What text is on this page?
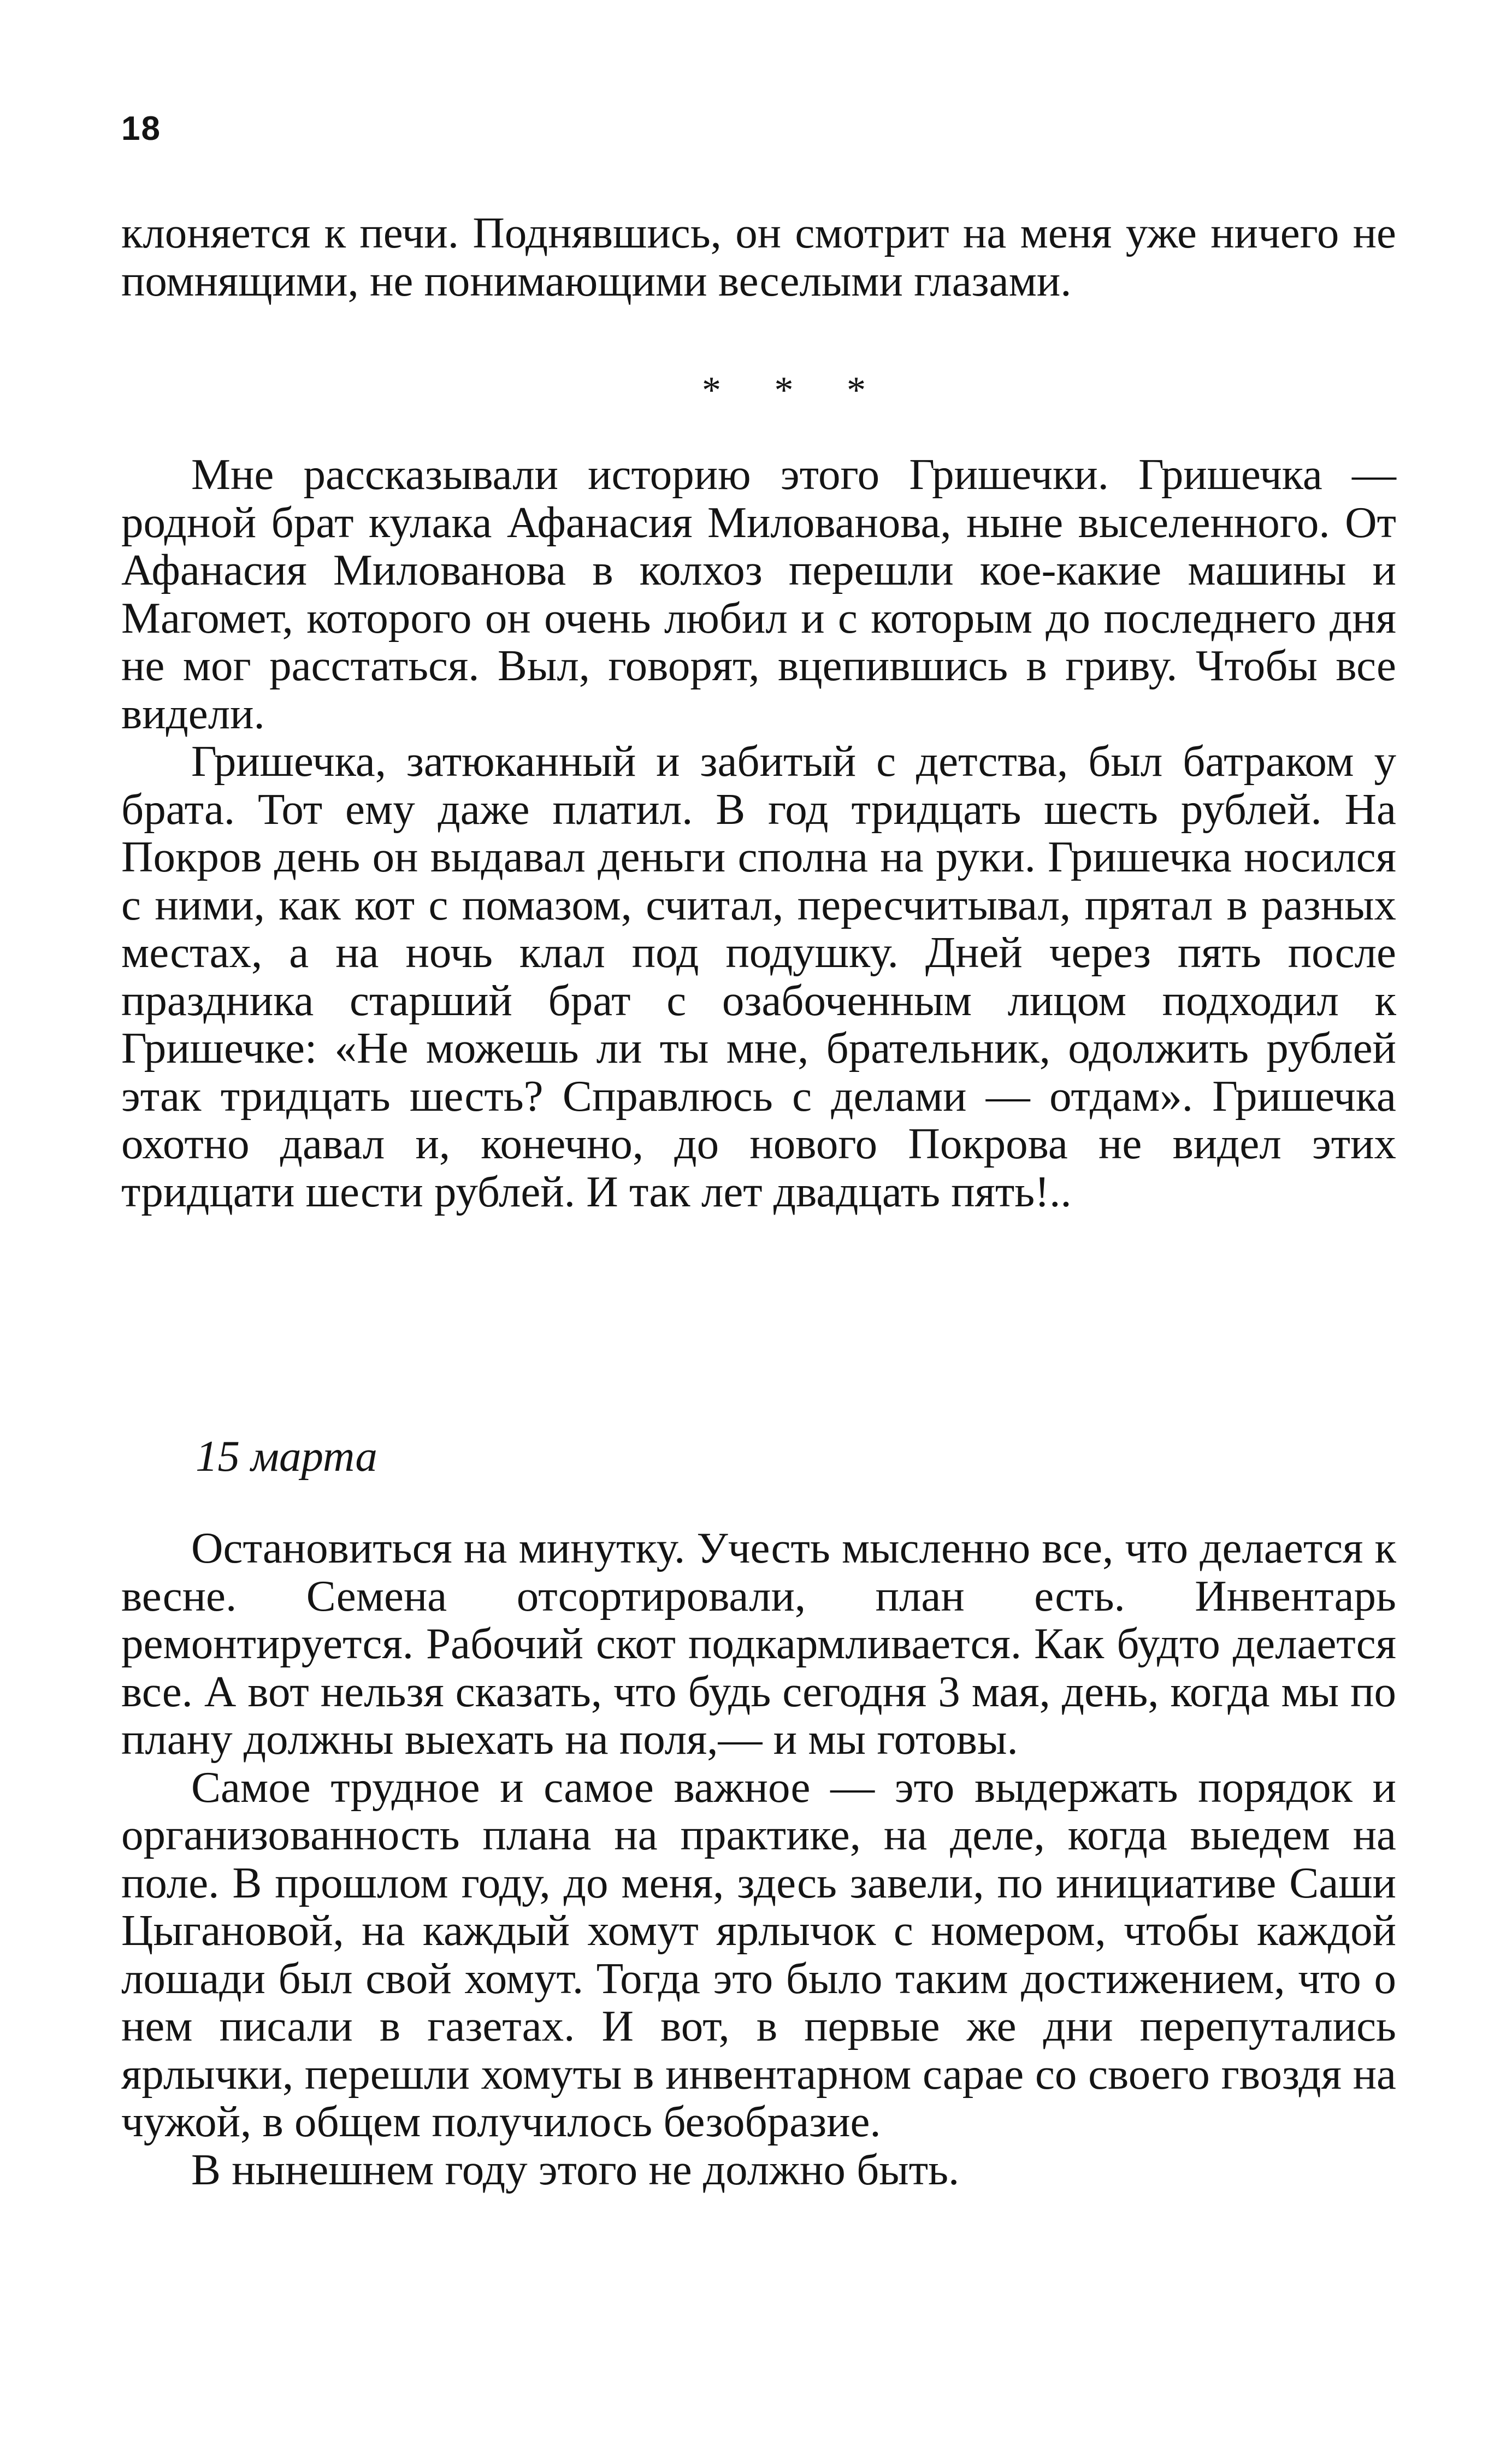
18

клоняется к печи. Поднявшись, он смотрит на меня уже ничего не помнящими, не понимающими веселыми глазами.

* * *

Мне рассказывали историю этого Гришечки. Гришечка — родной брат кулака Афанасия Милованова, ныне выселенного. От Афанасия Милованова в колхоз перешли кое-какие машины и Магомет, которого он очень любил и с которым до последнего дня не мог расстаться. Выл, говорят, вцепившись в гриву. Чтобы все видели.

Гришечка, затюканный и забитый с детства, был батраком у брата. Тот ему даже платил. В год тридцать шесть рублей. На Покров день он выдавал деньги сполна на руки. Гришечка носился с ними, как кот с помазом, считал, пересчитывал, прятал в разных местах, а на ночь клал под подушку. Дней через пять после праздника старший брат с озабоченным лицом подходил к Гришечке: «Не можешь ли ты мне, брательник, одолжить рублей этак тридцать шесть? Справлюсь с делами — отдам». Гришечка охотно давал и, конечно, до нового Покрова не видел этих тридцати шести рублей. И так лет двадцать пять!..

15 марта

Остановиться на минутку. Учесть мысленно все, что делается к весне. Семена отсортировали, план есть. Инвентарь ремонтируется. Рабочий скот подкармливается. Как будто делается все. А вот нельзя сказать, что будь сегодня 3 мая, день, когда мы по плану должны выехать на поля,— и мы готовы.

Самое трудное и самое важное — это выдержать порядок и организованность плана на практике, на деле, когда выедем на поле. В прошлом году, до меня, здесь завели, по инициативе Саши Цыгановой, на каждый хомут ярлычок с номером, чтобы каждой лошади был свой хомут. Тогда это было таким достижением, что о нем писали в газетах. И вот, в первые же дни перепутались ярлычки, перешли хомуты в инвентарном сарае со своего гвоздя на чужой, в общем получилось безобразие.

В нынешнем году этого не должно быть.
